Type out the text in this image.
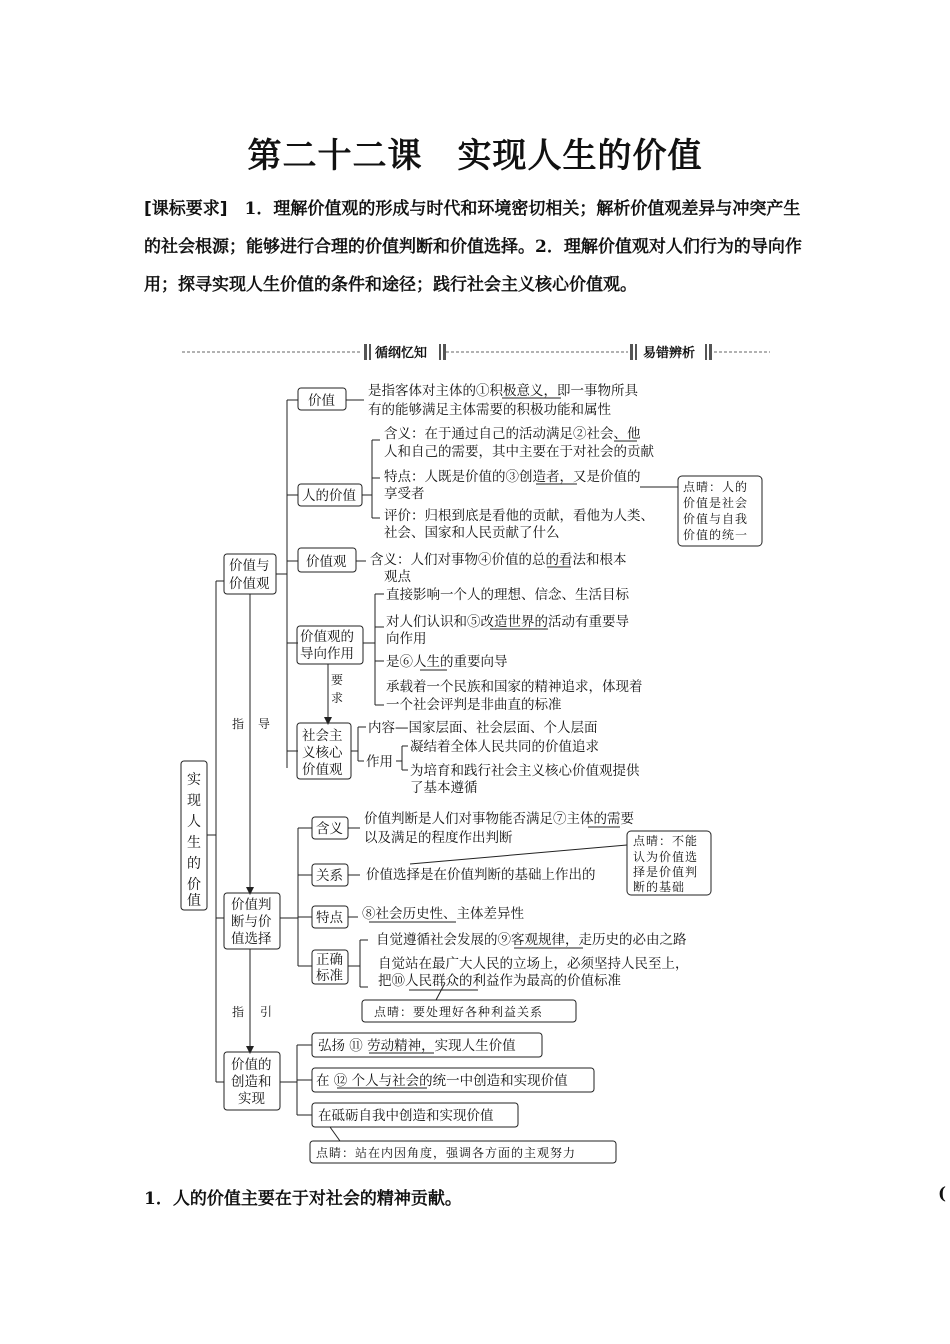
第二十二课　实现人生的价值
[课标要求]　1．理解价值观的形成与时代和环境密切相关；解析价值观差异与冲突产生的社会根源；能够进行合理的价值判断和价值选择。2．理解价值观对人们行为的导向作用；探寻实现人生价值的条件和途径；践行社会主义核心价值观。
循纲忆知	易错辨析
实
现
人
生
的
价
值
指 导
指 引
要
求
价值与
价值观
价值判
断与价
值选择
价值的
创造和
实现
价值
人的价值
价值观
价值观的
导向作用
社会主
义核心
价值观
是指客体对主体的①积极意义，即一事物所具
有的能够满足主体需要的积极功能和属性
含义：在于通过自己的活动满足②社会、他
人和自己的需要，其中主要在于对社会的贡献
特点：人既是价值的③创造者，又是价值的
享受者
评价：归根到底是看他的贡献，看他为人类、
社会、国家和人民贡献了什么
含义：人们对事物④价值的总的看法和根本
观点
直接影响一个人的理想、信念、生活目标
对人们认识和⑤改造世界的活动有重要导
向作用
是⑥人生的重要向导
承载着一个民族和国家的精神追求，体现着
一个社会评判是非曲直的标准
内容—国家层面、社会层面、个人层面
作用
凝结着全体人民共同的价值追求
为培育和践行社会主义核心价值观提供
了基本遵循
含义
价值判断是人们对事物能否满足⑦主体的需要
以及满足的程度作出判断
关系 价值选择是在价值判断的基础上作出的
特点 ⑧社会历史性、主体差异性
正确
标准
自觉遵循社会发展的⑨客观规律，走历史的必由之路
自觉站在最广大人民的立场上，必须坚持人民至上，
把⑩人民群众的利益作为最高的价值标准
弘扬 ⑪ 劳动精神，实现人生价值
在 ⑫ 个人与社会的统一中创造和实现价值
在砥砺自我中创造和实现价值
点晴：人的
价值是社会
价值与自我
价值的统一
点晴：不能
认为价值选
择是价值判
断的基础
点晴：要处理好各种利益关系
点睛：站在内因角度，强调各方面的主观努力
1．人的价值主要在于对社会的精神贡献。	(
